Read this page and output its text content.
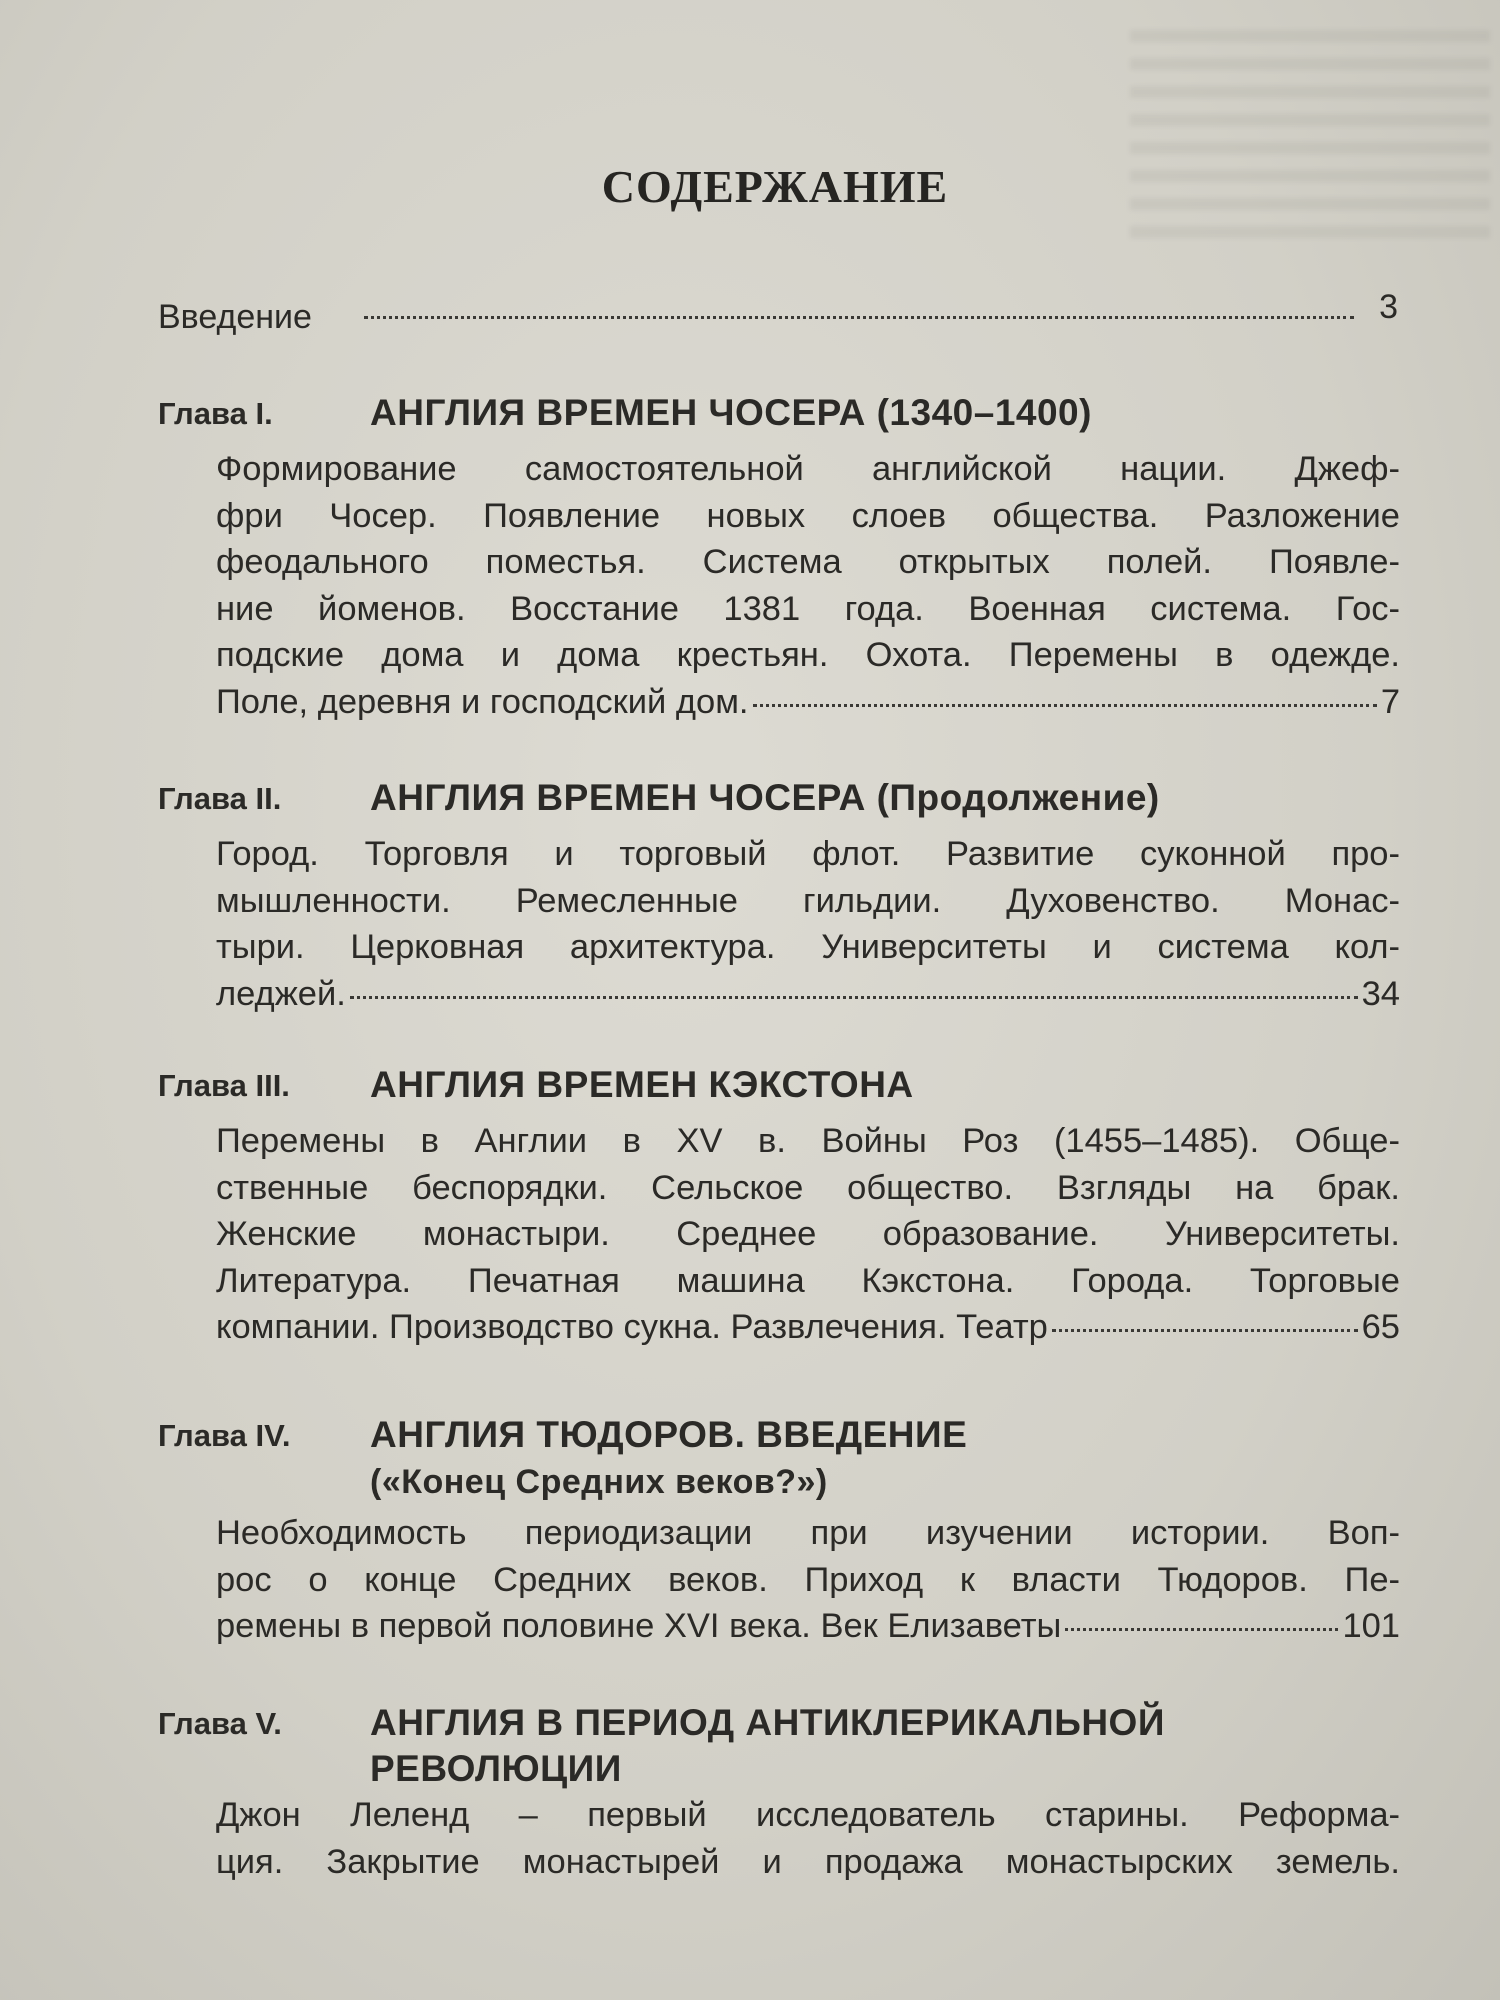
СОДЕРЖАНИЕ
Введение	3
Глава I.	АНГЛИЯ ВРЕМЕН ЧОСЕРА (1340–1400)
Формирование самостоятельной английской нации. Джеф-
фри Чосер. Появление новых слоев общества. Разложение
феодального поместья. Система открытых полей. Появле-
ние йоменов. Восстание 1381 года. Военная система. Гос-
подские дома и дома крестьян. Охота. Перемены в одежде.
Поле, деревня и господский дом.	7
Глава II. АНГЛИЯ ВРЕМЕН ЧОСЕРА (Продолжение)
Город. Торговля и торговый флот. Развитие суконной про-
мышленности. Ремесленные гильдии. Духовенство. Монас-
тыри. Церковная архитектура. Университеты и система кол-
леджей.	34
Глава III. АНГЛИЯ ВРЕМЕН КЭКСТОНА
Перемены в Англии в XV в. Войны Роз (1455–1485). Обще-
ственные беспорядки. Сельское общество. Взгляды на брак.
Женские монастыри. Среднее образование. Университеты.
Литература. Печатная машина Кэкстона. Города. Торговые
компании. Производство сукна. Развлечения. Театр	65
Глава IV. АНГЛИЯ ТЮДОРОВ. ВВЕДЕНИЕ
(«Конец Средних веков?»)
Необходимость периодизации при изучении истории. Воп-
рос о конце Средних веков. Приход к власти Тюдоров. Пе-
ремены в первой половине XVI века. Век Елизаветы	101
Глава V. АНГЛИЯ В ПЕРИОД АНТИКЛЕРИКАЛЬНОЙ
РЕВОЛЮЦИИ
Джон Леленд – первый исследователь старины. Реформа-
ция. Закрытие монастырей и продажа монастырских земель.
